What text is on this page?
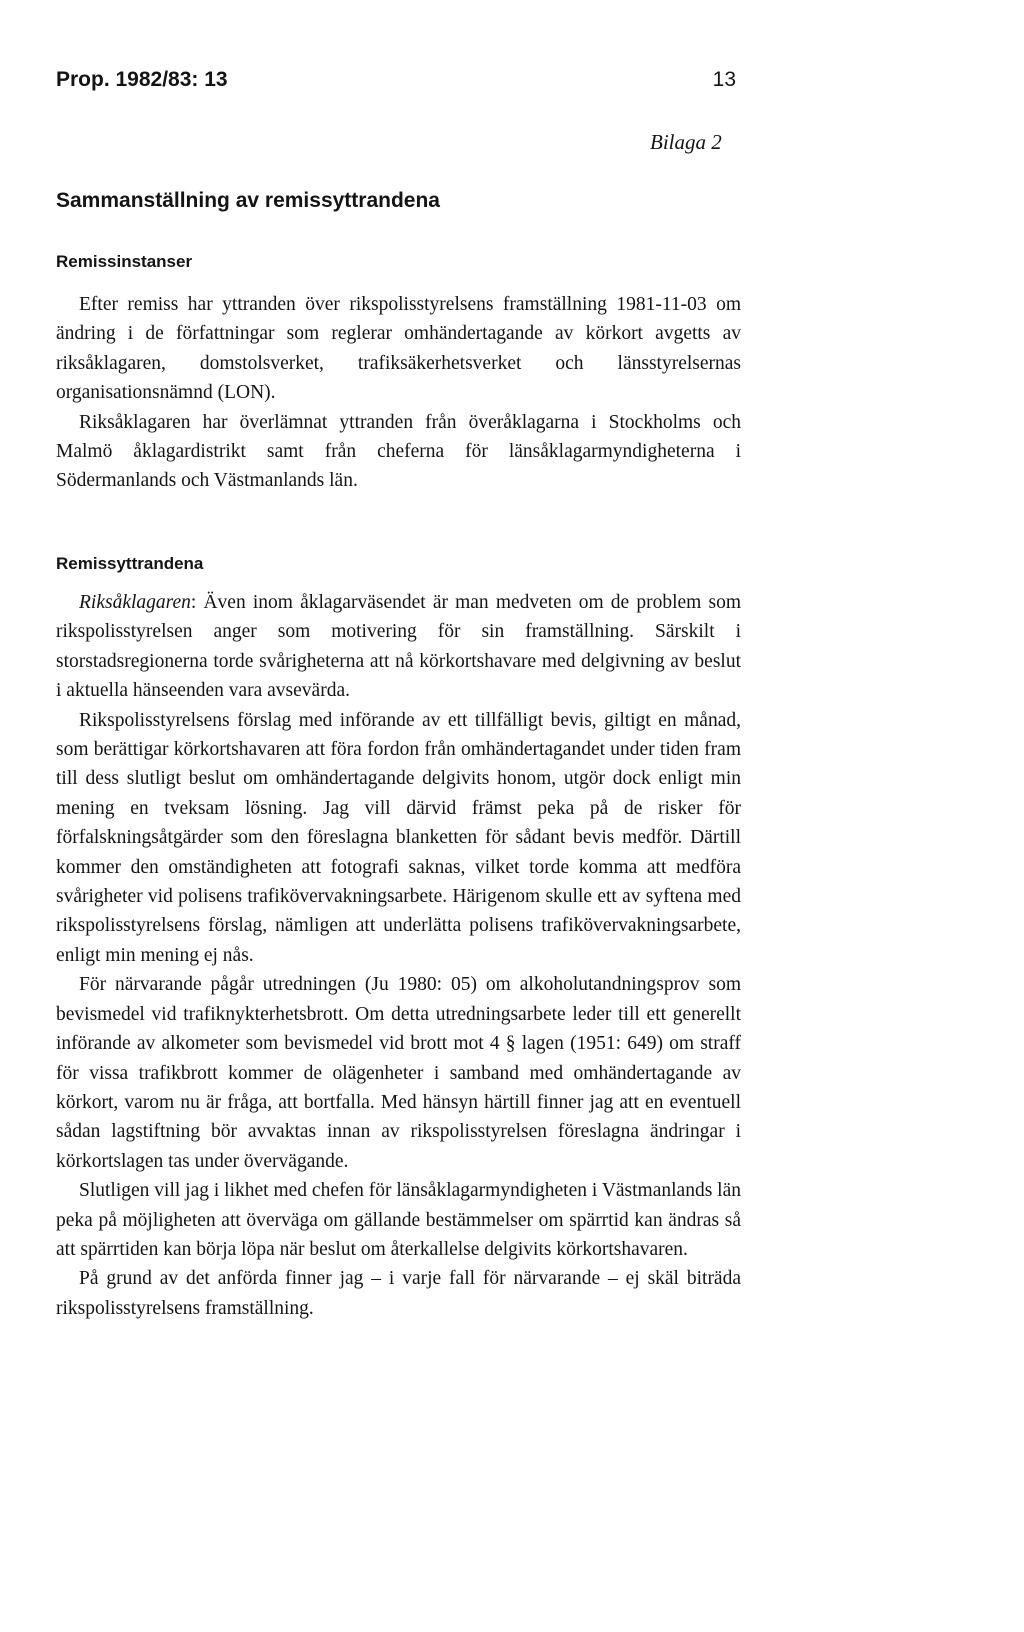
Prop. 1982/83: 13	13
Bilaga 2
Sammanställning av remissyttrandena
Remissinstanser

Efter remiss har yttranden över rikspolisstyrelsens framställning 1981-11-03 om ändring i de författningar som reglerar omhändertagande av körkort avgetts av riksåklagaren, domstolsverket, trafiksäkerhetsverket och länsstyrelsernas organisationsnämnd (LON).

Riksåklagaren har överlämnat yttranden från överåklagarna i Stockholms och Malmö åklagardistrikt samt från cheferna för länsåklagarmyndigheterna i Södermanlands och Västmanlands län.

Remissyttrandena

Riksåklagaren: Även inom åklagarväsendet är man medveten om de problem som rikspolisstyrelsen anger som motivering för sin framställning. Särskilt i storstadsregionerna torde svårigheterna att nå körkortshavare med delgivning av beslut i aktuella hänseenden vara avsevärda.

Rikspolisstyrelsens förslag med införande av ett tillfälligt bevis, giltigt en månad, som berättigar körkortshavaren att föra fordon från omhändertagandet under tiden fram till dess slutligt beslut om omhändertagande delgivits honom, utgör dock enligt min mening en tveksam lösning. Jag vill därvid främst peka på de risker för förfalskningsåtgärder som den föreslagna blanketten för sådant bevis medför. Därtill kommer den omständigheten att fotografi saknas, vilket torde komma att medföra svårigheter vid polisens trafikövervakningsarbete. Härigenom skulle ett av syftena med rikspolisstyrelsens förslag, nämligen att underlätta polisens trafikövervakningsarbete, enligt min mening ej nås.

För närvarande pågår utredningen (Ju 1980: 05) om alkoholutandningsprov som bevismedel vid trafiknykterhetsbrott. Om detta utredningsarbete leder till ett generellt införande av alkometer som bevismedel vid brott mot 4 § lagen (1951: 649) om straff för vissa trafikbrott kommer de olägenheter i samband med omhändertagande av körkort, varom nu är fråga, att bortfalla. Med hänsyn härtill finner jag att en eventuell sådan lagstiftning bör avvaktas innan av rikspolisstyrelsen föreslagna ändringar i körkortslagen tas under övervägande.

Slutligen vill jag i likhet med chefen för länsåklagarmyndigheten i Västmanlands län peka på möjligheten att överväga om gällande bestämmelser om spärrtid kan ändras så att spärrtiden kan börja löpa när beslut om återkallelse delgivits körkortshavaren.

På grund av det anförda finner jag – i varje fall för närvarande – ej skäl biträda rikspolisstyrelsens framställning.
